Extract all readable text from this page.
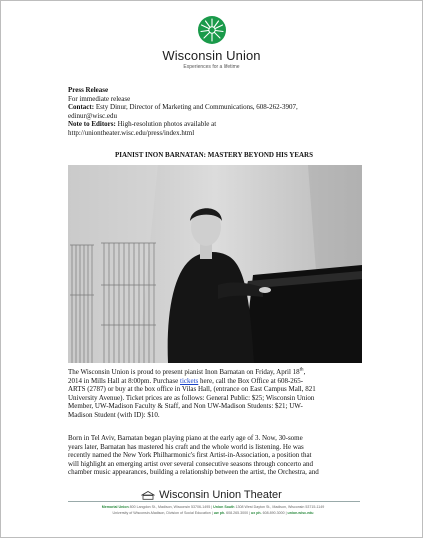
Wisconsin Union
Experiences for a lifetime
Press Release
For immediate release
Contact: Esty Dinur, Director of Marketing and Communications, 608-262-3907,
edinur@wisc.edu
Note to Editors: High-resolution photos available at
http://uniontheater.wisc.edu/press/index.html
PIANIST INON BARNATAN: MASTERY BEYOND HIS YEARS
The Wisconsin Union is proud to present pianist Inon Barnatan on Friday, April 18th,
2014 in Mills Hall at 8:00pm. Purchase tickets here, call the Box Office at 608-265-
ARTS (2787) or buy at the box office in Vilas Hall, (entrance on East Campus Mall, 821
University Avenue). Ticket prices are as follows: General Public: $25; Wisconsin Union
Member, UW-Madison Faculty & Staff, and Non UW-Madison Students: $21; UW-
Madison Student (with ID): $10.
Born in Tel Aviv, Barnatan began playing piano at the early age of 3. Now, 30-some
years later, Barnatan has mastered his craft and the whole world is listening. He was
recently named the New York Philharmonic's first Artist-in-Association, a position that
will highlight an emerging artist over several consecutive seasons through concerto and
chamber music appearances, building a relationship between the artist, the Orchestra, and
Wisconsin Union Theater
Memorial Union 800 Langdon St., Madison, Wisconsin 53706-1495 | Union South 1308 West Dayton St., Madison, Wisconsin 53715-1149
University of Wisconsin-Madison, Division of Social Education | uw ph. 608.265.3000 | ux ph. 608.890.3000 | union.wisc.edu
